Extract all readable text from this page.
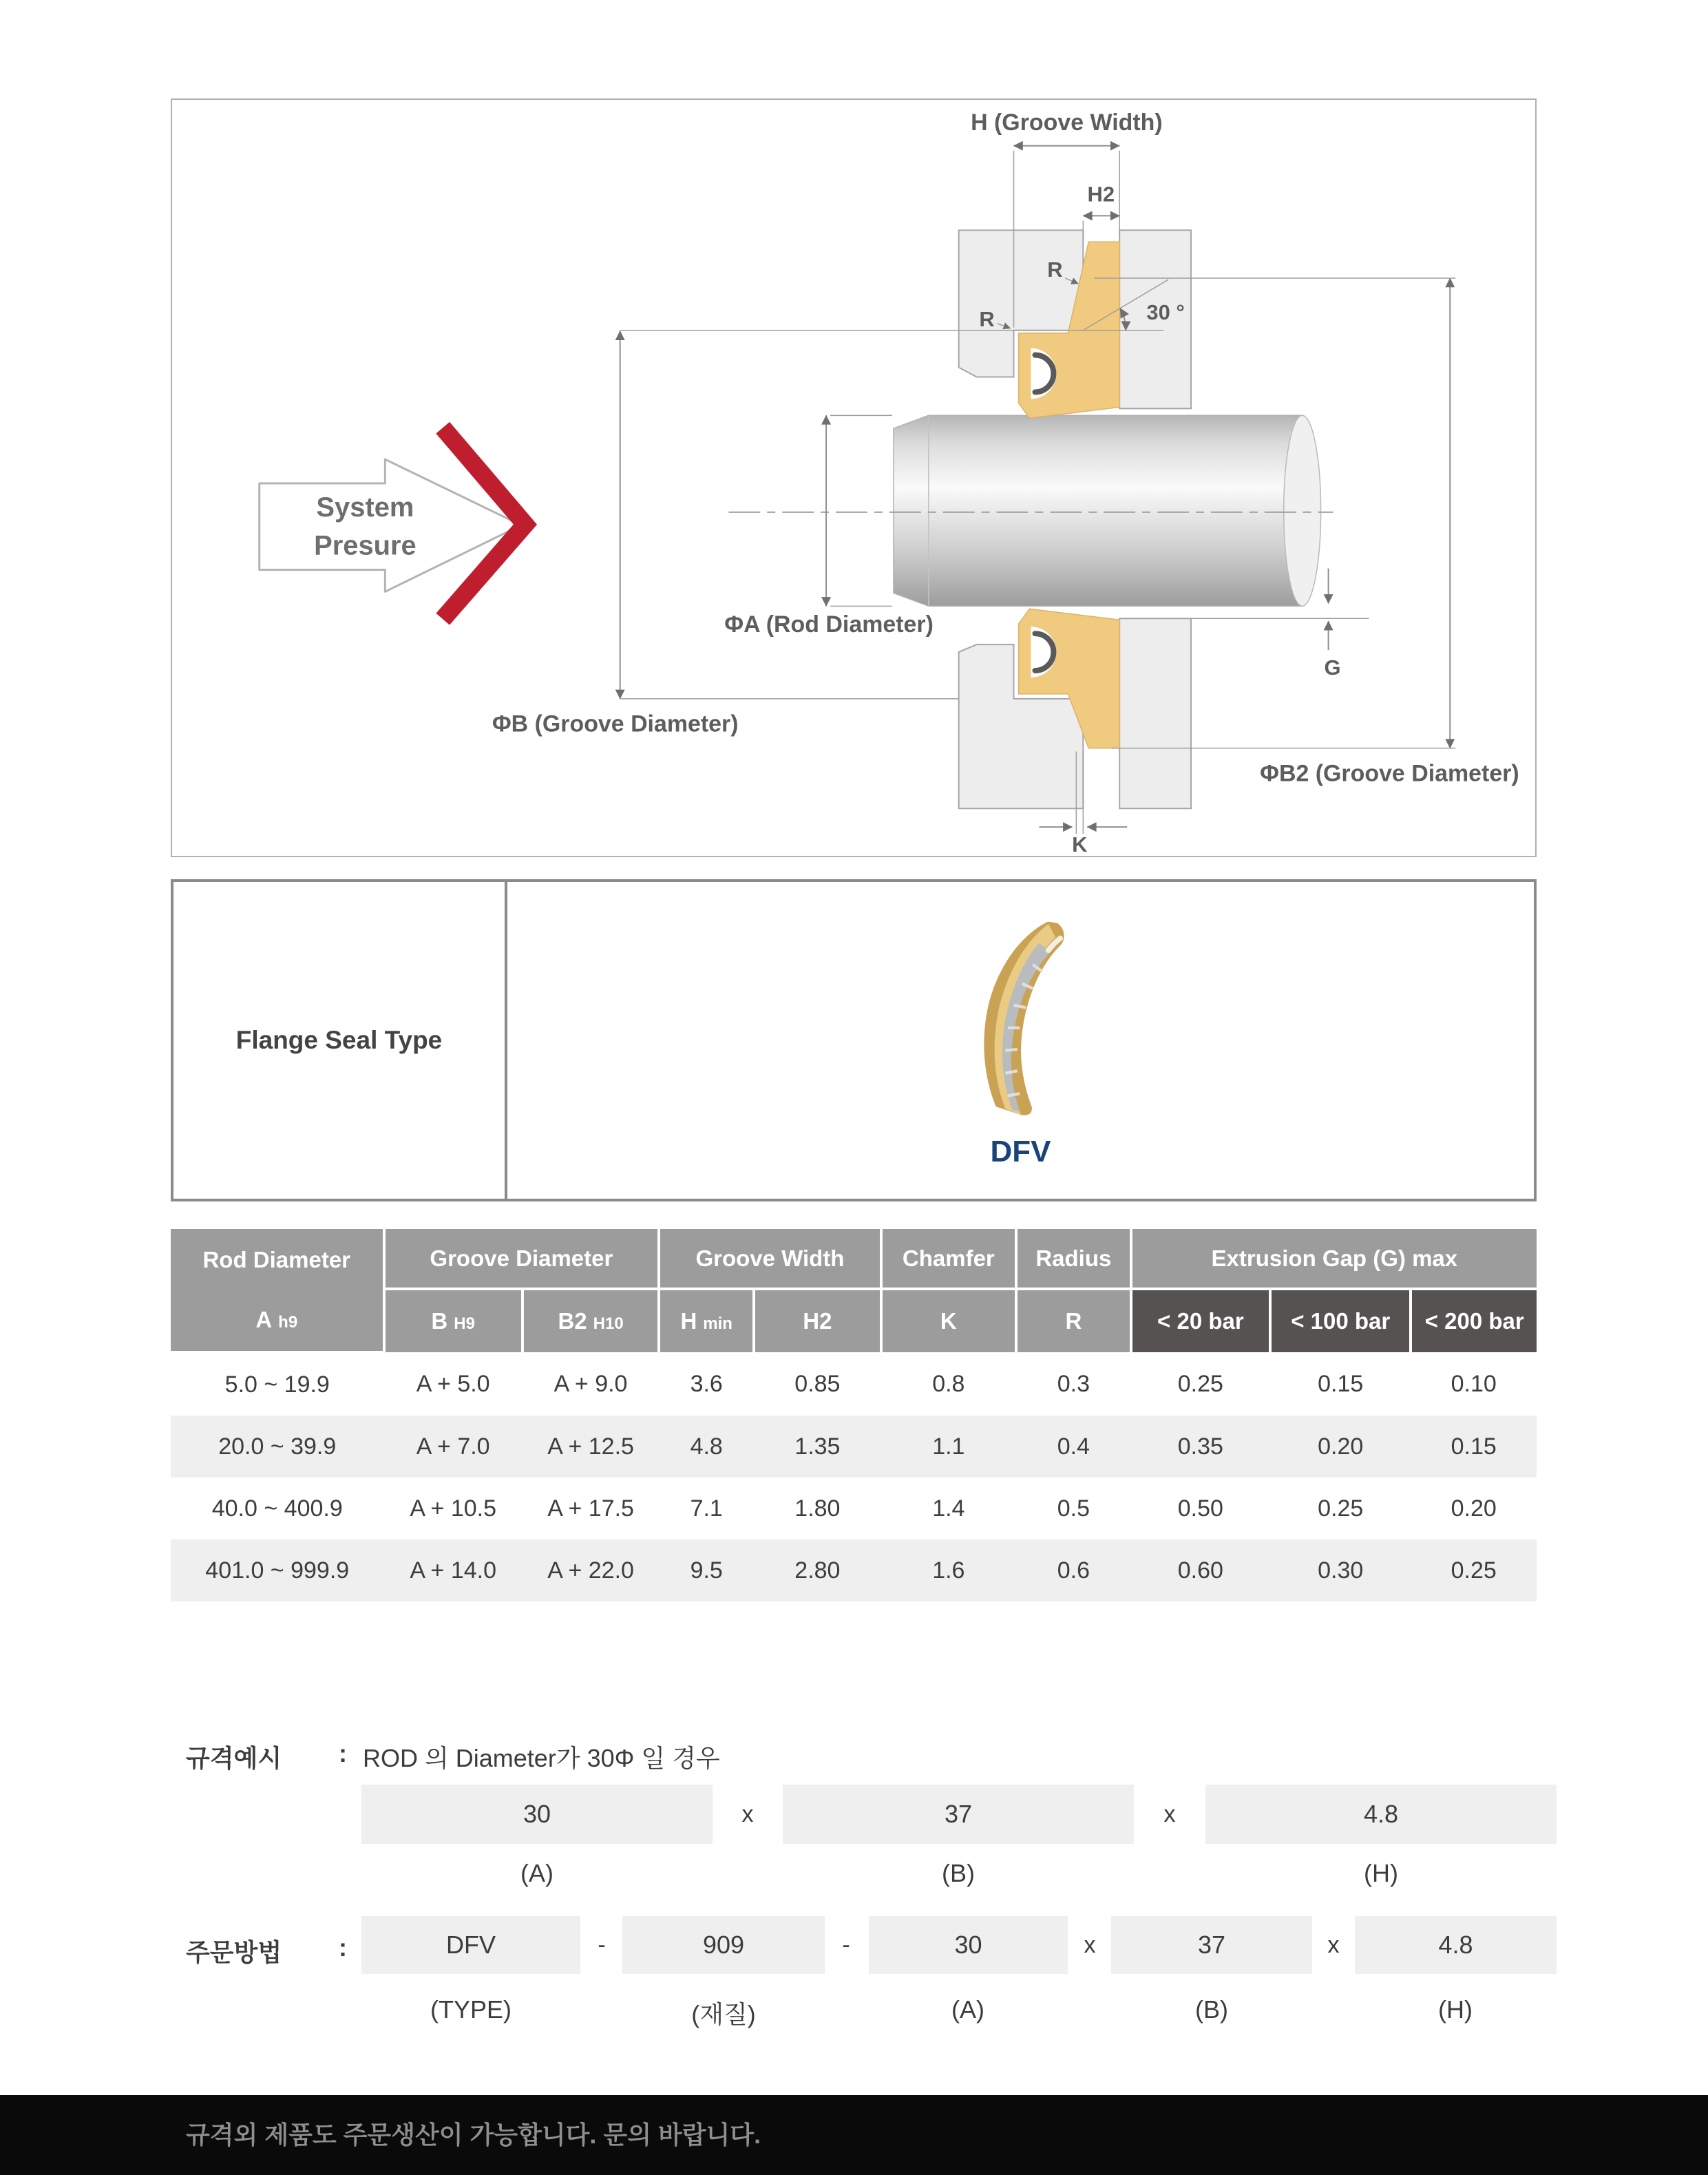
System
Presure
H (Groove Width)
H2
30 °
R
R
ΦB (Groove Diameter)
ΦA (Rod Diameter)
ΦB2 (Groove Diameter)
G
K
Flange Seal Type
DFV
Rod Diameter
A h9	Groove Diameter		Groove Width		Chamfer	Radius	Extrusion Gap (G) max		
	B H9	B2 H10	H min	H2	K	R	< 20 bar	< 100 bar	< 200 bar
5.0 ~ 19.9	A + 5.0	A + 9.0	3.6	0.85	0.8	0.3	0.25	0.15	0.10
20.0 ~ 39.9	A + 7.0	A + 12.5	4.8	1.35	1.1	0.4	0.35	0.20	0.15
40.0 ~ 400.9	A + 10.5	A + 17.5	7.1	1.80	1.4	0.5	0.50	0.25	0.20
401.0 ~ 999.9	A + 14.0	A + 22.0	9.5	2.80	1.6	0.6	0.60	0.30	0.25
규격예시 : ROD 의 Diameter가 30Φ 일 경우
30	x	37	x	4.8
(A)	(B)	(H)
주문방법 :	DFV	-	909	-	30	x	37	x	4.8
(TYPE)	(재질)	(A)	(B)	(H)
규격외 제품도 주문생산이 가능합니다. 문의 바랍니다.
